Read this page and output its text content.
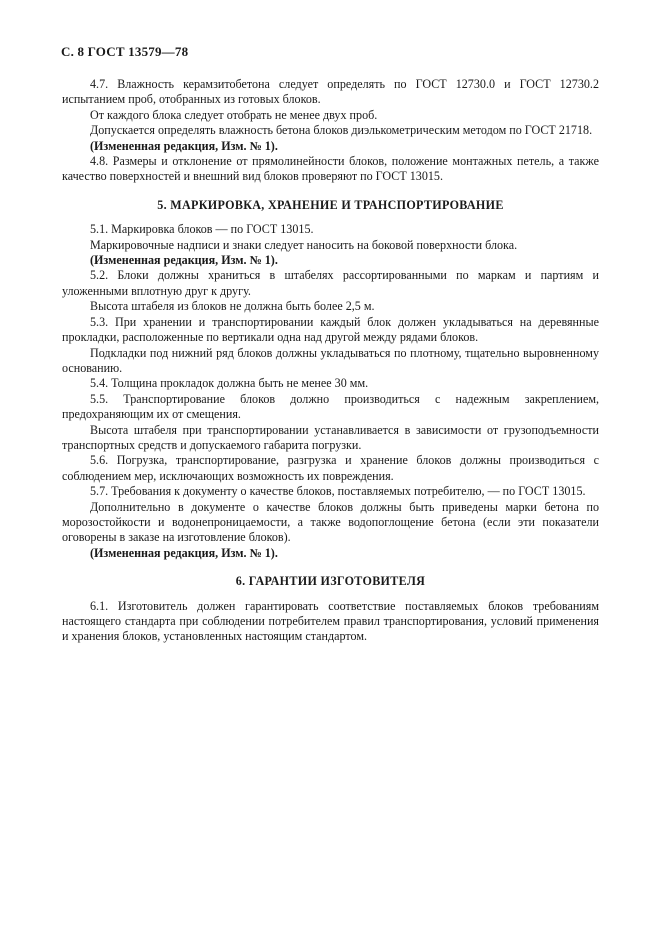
С. 8 ГОСТ 13579—78

4.7. Влажность керамзитобетона следует определять по ГОСТ 12730.0 и ГОСТ 12730.2 испытанием проб, отобранных из готовых блоков.

От каждого блока следует отобрать не менее двух проб.

Допускается определять влажность бетона блоков диэлькометрическим методом по ГОСТ 21718.

(Измененная редакция, Изм. № 1).

4.8. Размеры и отклонение от прямолинейности блоков, положение монтажных петель, а также качество поверхностей и внешний вид блоков проверяют по ГОСТ 13015.

5. МАРКИРОВКА, ХРАНЕНИЕ И ТРАНСПОРТИРОВАНИЕ

5.1. Маркировка блоков — по ГОСТ 13015.

Маркировочные надписи и знаки следует наносить на боковой поверхности блока.

(Измененная редакция, Изм. № 1).

5.2. Блоки должны храниться в штабелях рассортированными по маркам и партиям и уложенными вплотную друг к другу.

Высота штабеля из блоков не должна быть более 2,5 м.

5.3. При хранении и транспортировании каждый блок должен укладываться на деревянные прокладки, расположенные по вертикали одна над другой между рядами блоков.

Подкладки под нижний ряд блоков должны укладываться по плотному, тщательно выровненному основанию.

5.4. Толщина прокладок должна быть не менее 30 мм.

5.5. Транспортирование блоков должно производиться с надежным закреплением, предохраняющим их от смещения.

Высота штабеля при транспортировании устанавливается в зависимости от грузоподъемности транспортных средств и допускаемого габарита погрузки.

5.6. Погрузка, транспортирование, разгрузка и хранение блоков должны производиться с соблюдением мер, исключающих возможность их повреждения.

5.7. Требования к документу о качестве блоков, поставляемых потребителю, — по ГОСТ 13015.

Дополнительно в документе о качестве блоков должны быть приведены марки бетона по морозостойкости и водонепроницаемости, а также водопоглощение бетона (если эти показатели оговорены в заказе на изготовление блоков).

(Измененная редакция, Изм. № 1).

6. ГАРАНТИИ ИЗГОТОВИТЕЛЯ

6.1. Изготовитель должен гарантировать соответствие поставляемых блоков требованиям настоящего стандарта при соблюдении потребителем правил транспортирования, условий применения и хранения блоков, установленных настоящим стандартом.
